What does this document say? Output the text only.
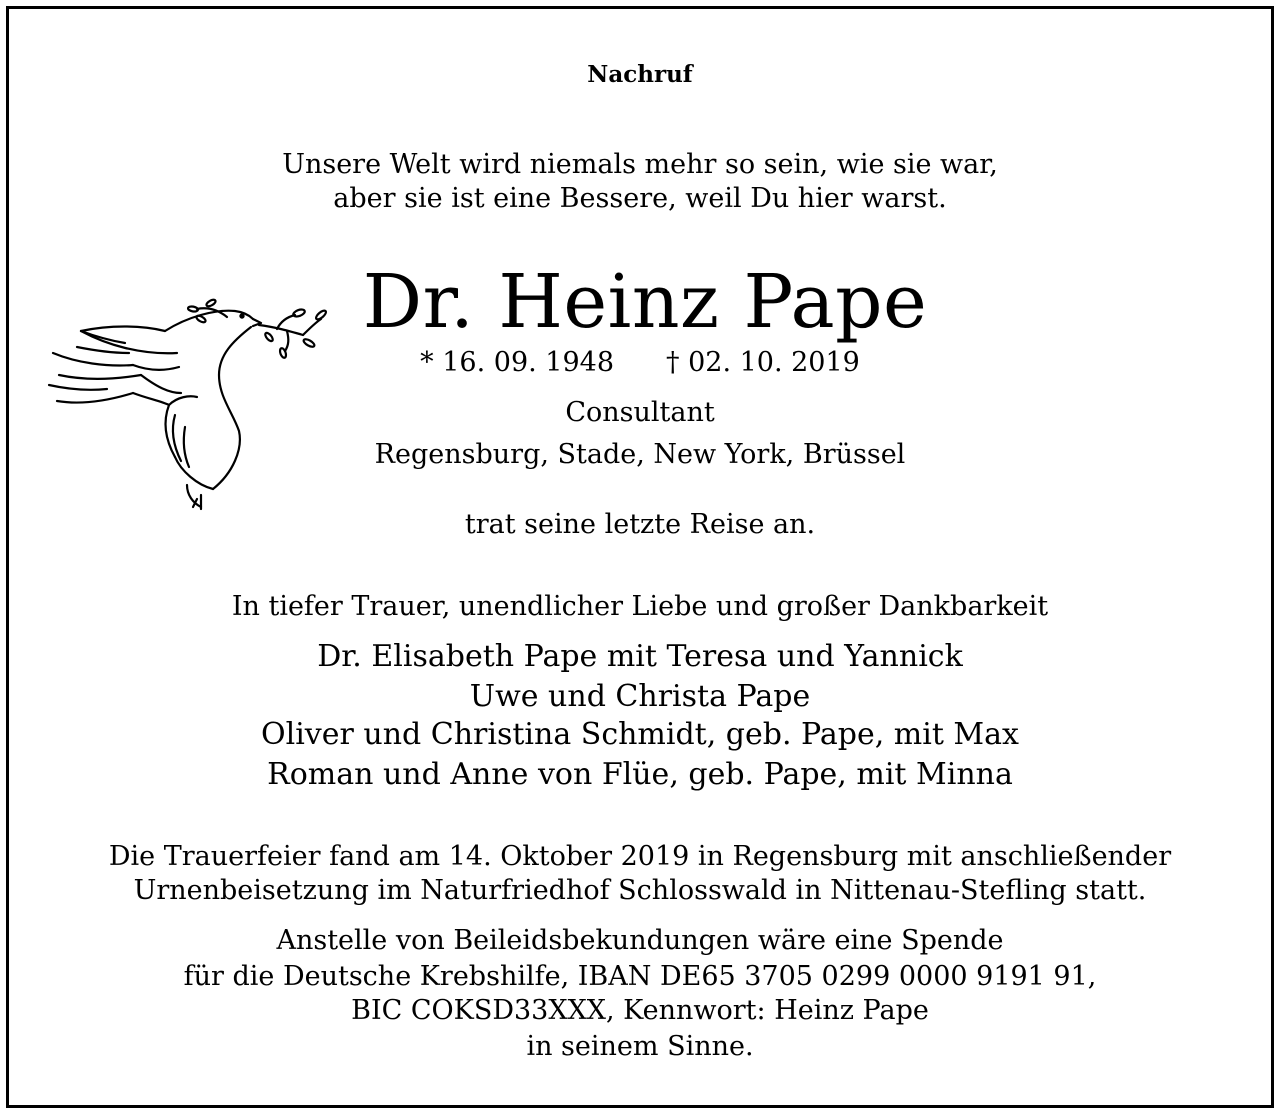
Nachruf
Unsere Welt wird niemals mehr so sein, wie sie war,
aber sie ist eine Bessere, weil Du hier warst.
Dr. Heinz Pape
* 16. 09. 1948 † 02. 10. 2019
Consultant
Regensburg, Stade, New York, Brüssel
trat seine letzte Reise an.
In tiefer Trauer, unendlicher Liebe und großer Dankbarkeit
Dr. Elisabeth Pape mit Teresa und Yannick
Uwe und Christa Pape
Oliver und Christina Schmidt, geb. Pape, mit Max
Roman und Anne von Flüe, geb. Pape, mit Minna
Die Trauerfeier fand am 14. Oktober 2019 in Regensburg mit anschließender
Urnenbeisetzung im Naturfriedhof Schlosswald in Nittenau-Stefling statt.
Anstelle von Beileidsbekundungen wäre eine Spende
für die Deutsche Krebshilfe, IBAN DE65 3705 0299 0000 9191 91,
BIC COKSD33XXX, Kennwort: Heinz Pape
in seinem Sinne.
